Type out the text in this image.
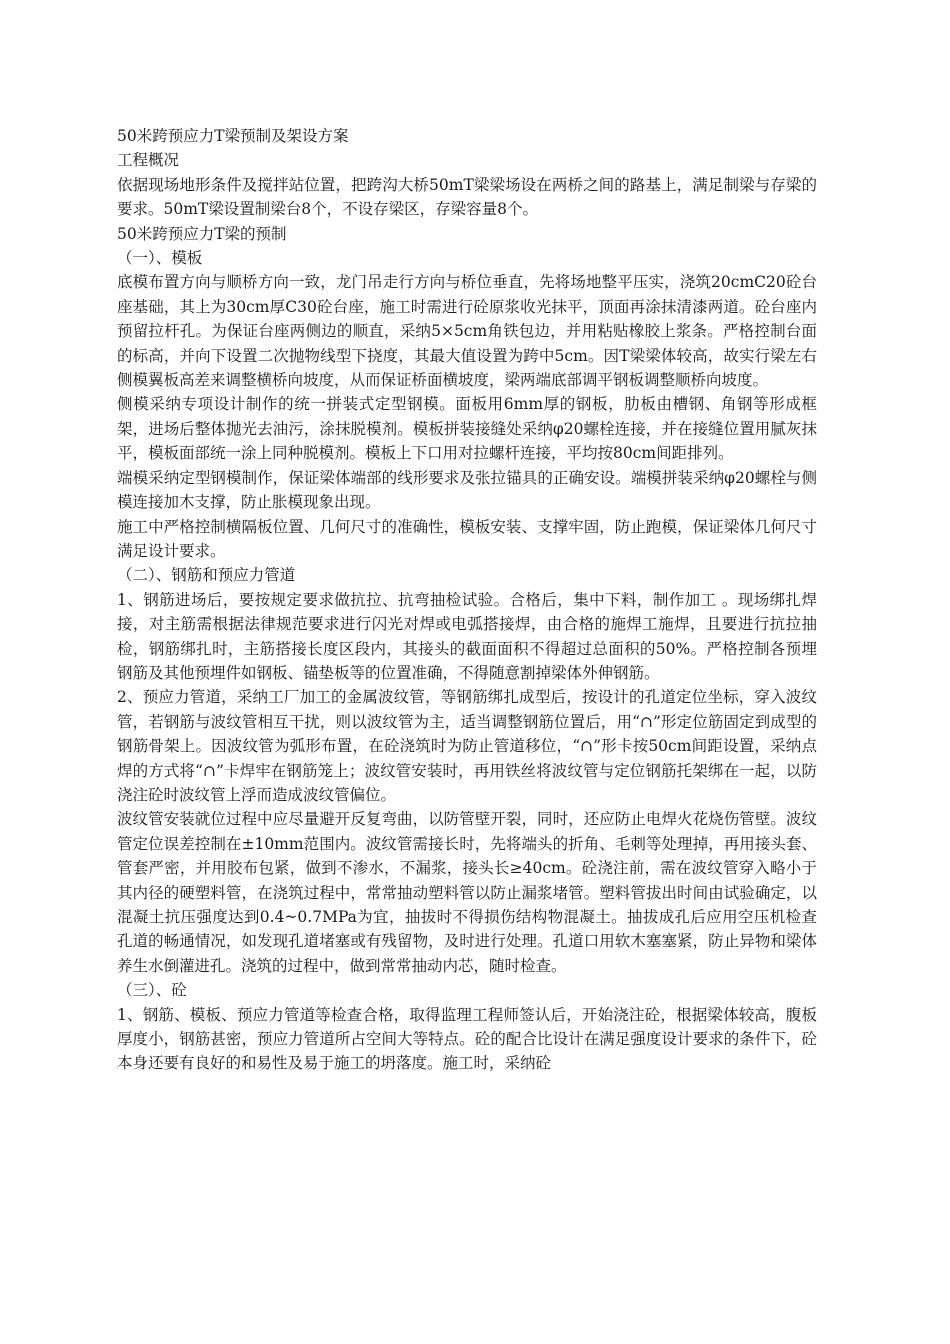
50米跨预应力T梁预制及架设方案

工程概况

依据现场地形条件及搅拌站位置，把跨沟大桥50mT梁梁场设在两桥之间的路基上，满足制梁与存梁的要求。50mT梁设置制梁台8个，不设存梁区，存梁容量8个。

50米跨预应力T梁的预制

（一）、模板

底模布置方向与顺桥方向一致，龙门吊走行方向与桥位垂直，先将场地整平压实，浇筑20cmC20砼台座基础，其上为30cm厚C30砼台座，施工时需进行砼原浆收光抹平，顶面再涂抹清漆两道。砼台座内预留拉杆孔。为保证台座两侧边的顺直，采纳5×5cm角铁包边，并用粘贴橡胶上浆条。严格控制台面的标高，并向下设置二次抛物线型下挠度，其最大值设置为跨中5cm。因T梁梁体较高，故实行梁左右侧模翼板高差来调整横桥向坡度，从而保证桥面横坡度，梁两端底部调平钢板调整顺桥向坡度。

侧模采纳专项设计制作的统一拼装式定型钢模。面板用6mm厚的钢板，肋板由槽钢、角钢等形成框架，进场后整体抛光去油污，涂抹脱模剂。模板拼装接缝处采纳φ20螺栓连接，并在接缝位置用腻灰抹平，模板面部统一涂上同种脱模剂。模板上下口用对拉螺杆连接，平均按80cm间距排列。

端模采纳定型钢模制作，保证梁体端部的线形要求及张拉锚具的正确安设。端模拼装采纳φ20螺栓与侧模连接加木支撑，防止胀模现象出现。

施工中严格控制横隔板位置、几何尺寸的准确性，模板安装、支撑牢固，防止跑模，保证梁体几何尺寸满足设计要求。

（二）、钢筋和预应力管道

1、钢筋进场后，要按规定要求做抗拉、抗弯抽检试验。合格后，集中下料，制作加工 。现场绑扎焊接，对主筋需根据法律规范要求进行闪光对焊或电弧搭接焊，由合格的施焊工施焊，且要进行抗拉抽检，钢筋绑扎时，主筋搭接长度区段内，其接头的截面面积不得超过总面积的50%。严格控制各预埋钢筋及其他预埋件如钢板、锚垫板等的位置准确，不得随意割掉梁体外伸钢筋。

2、预应力管道，采纳工厂加工的金属波纹管，等钢筋绑扎成型后，按设计的孔道定位坐标，穿入波纹管，若钢筋与波纹管相互干扰，则以波纹管为主，适当调整钢筋位置后，用“∩”形定位筋固定到成型的钢筋骨架上。因波纹管为弧形布置，在砼浇筑时为防止管道移位，“∩”形卡按50cm间距设置，采纳点焊的方式将“∩”卡焊牢在钢筋笼上；波纹管安装时，再用铁丝将波纹管与定位钢筋托架绑在一起，以防浇注砼时波纹管上浮而造成波纹管偏位。

波纹管安装就位过程中应尽量避开反复弯曲，以防管壁开裂，同时，还应防止电焊火花烧伤管壁。波纹管定位误差控制在±10mm范围内。波纹管需接长时，先将端头的折角、毛刺等处理掉，再用接头套、管套严密，并用胶布包紧，做到不渗水，不漏浆，接头长≥40cm。砼浇注前，需在波纹管穿入略小于其内径的硬塑料管，在浇筑过程中，常常抽动塑料管以防止漏浆堵管。塑料管拔出时间由试验确定，以混凝土抗压强度达到0.4~0.7MPa为宜，抽拔时不得损伤结构物混凝土。抽拔成孔后应用空压机检查孔道的畅通情况，如发现孔道堵塞或有残留物，及时进行处理。孔道口用软木塞塞紧，防止异物和梁体养生水倒灌进孔。浇筑的过程中，做到常常抽动内芯，随时检查。

（三）、砼

1、钢筋、模板、预应力管道等检查合格，取得监理工程师签认后，开始浇注砼，根据梁体较高，腹板厚度小，钢筋甚密，预应力管道所占空间大等特点。砼的配合比设计在满足强度设计要求的条件下，砼本身还要有良好的和易性及易于施工的坍落度。施工时，采纳砼
